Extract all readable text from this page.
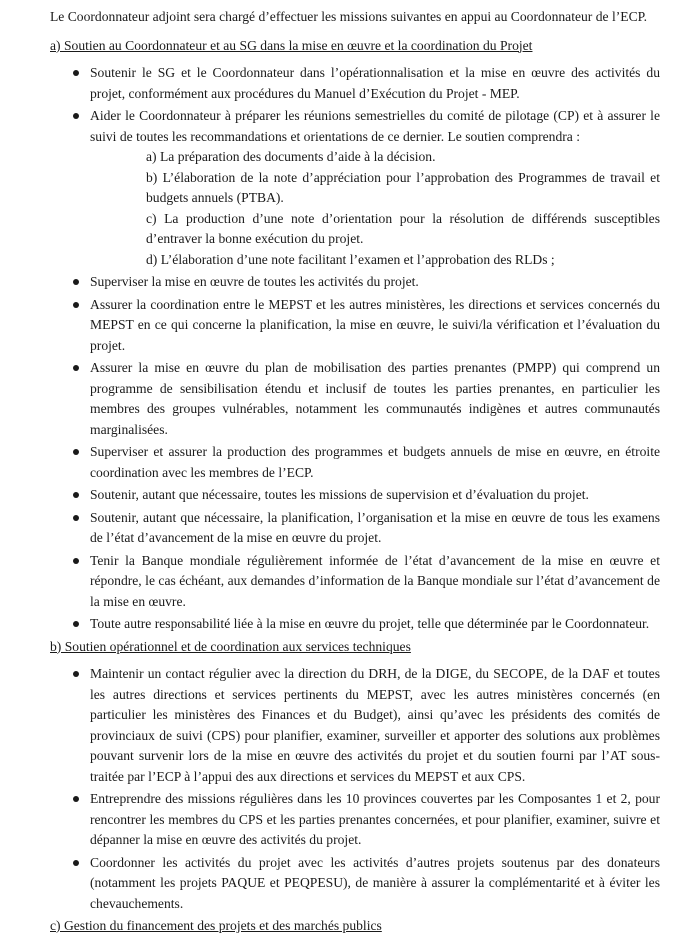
Le Coordonnateur adjoint sera chargé d’effectuer les missions suivantes en appui au Coordonnateur de l’ECP.

a) Soutien au Coordonnateur et au SG dans la mise en œuvre et la coordination du Projet

Soutenir le SG et le Coordonnateur dans l’opérationnalisation et la mise en œuvre des activités du projet, conformément aux procédures du Manuel d’Exécution du Projet - MEP.
Aider le Coordonnateur à préparer les réunions semestrielles du comité de pilotage (CP) et à assurer le suivi de toutes les recommandations et orientations de ce dernier. Le soutien comprendra :

a) La préparation des documents d’aide à la décision.

b) L’élaboration de la note d’appréciation pour l’approbation des Programmes de travail et budgets annuels (PTBA).

c) La production d’une note d’orientation pour la résolution de différends susceptibles d’entraver la bonne exécution du projet.

d) L’élaboration d’une note facilitant l’examen et l’approbation des RLDs ;

Superviser la mise en œuvre de toutes les activités du projet.
Assurer la coordination entre le MEPST et les autres ministères, les directions et services concernés du MEPST en ce qui concerne la planification, la mise en œuvre, le suivi/la vérification et l’évaluation du projet.
Assurer la mise en œuvre du plan de mobilisation des parties prenantes (PMPP) qui comprend un programme de sensibilisation étendu et inclusif de toutes les parties prenantes, en particulier les membres des groupes vulnérables, notamment les communautés indigènes et autres communautés marginalisées.
Superviser et assurer la production des programmes et budgets annuels de mise en œuvre, en étroite coordination avec les membres de l’ECP.
Soutenir, autant que nécessaire, toutes les missions de supervision et d’évaluation du projet.
Soutenir, autant que nécessaire, la planification, l’organisation et la mise en œuvre de tous les examens de l’état d’avancement de la mise en œuvre du projet.
Tenir la Banque mondiale régulièrement informée de l’état d’avancement de la mise en œuvre et répondre, le cas échéant, aux demandes d’information de la Banque mondiale sur l’état d’avancement de la mise en œuvre.
Toute autre responsabilité liée à la mise en œuvre du projet, telle que déterminée par le Coordonnateur.

b) Soutien opérationnel et de coordination aux services techniques

Maintenir un contact régulier avec la direction du DRH, de la DIGE, du SECOPE, de la DAF et toutes les autres directions et services pertinents du MEPST, avec les autres ministères concernés (en particulier les ministères des Finances et du Budget), ainsi qu’avec les présidents des comités de provinciaux de suivi (CPS) pour planifier, examiner, surveiller et apporter des solutions aux problèmes pouvant survenir lors de la mise en œuvre des activités du projet et du soutien fourni par l’AT sous-traitée par l’ECP à l’appui des aux directions et services du MEPST et aux CPS.
Entreprendre des missions régulières dans les 10 provinces couvertes par les Composantes 1 et 2, pour rencontrer les membres du CPS et les parties prenantes concernées, et pour planifier, examiner, suivre et dépanner la mise en œuvre des activités du projet.
Coordonner les activités du projet avec les activités d’autres projets soutenus par des donateurs (notamment les projets PAQUE et PEQPESU), de manière à assurer la complémentarité et à éviter les chevauchements.

c) Gestion du financement des projets et des marchés publics
